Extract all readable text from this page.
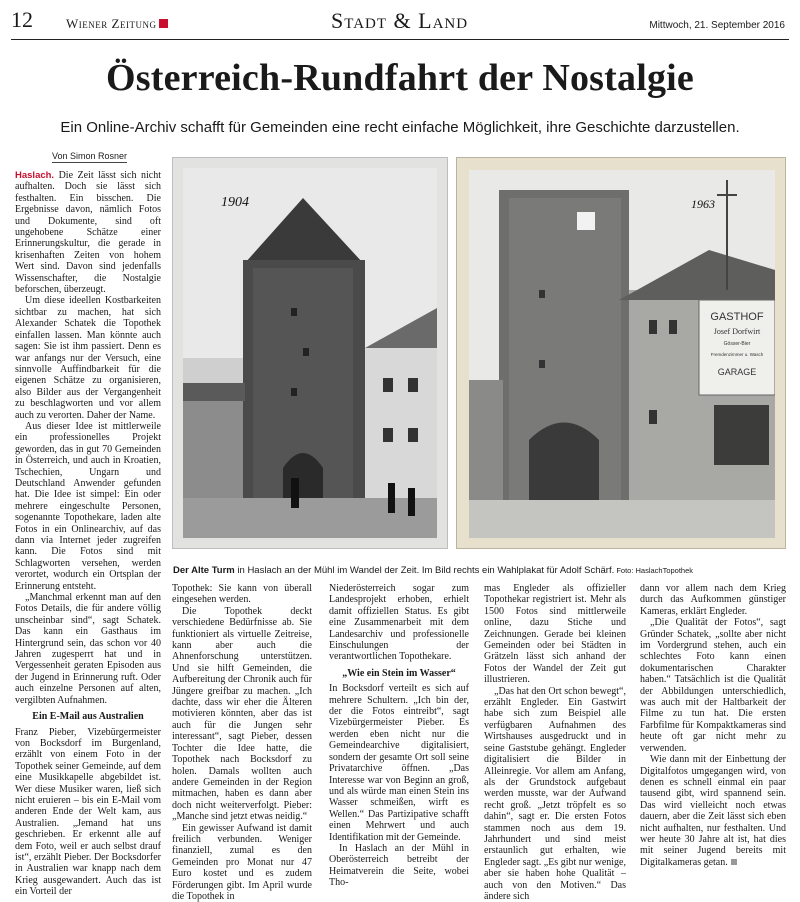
12	Wiener Zeitung	Stadt & Land	Mittwoch, 21. September 2016
Österreich-Rundfahrt der Nostalgie
Ein Online-Archiv schafft für Gemeinden eine recht einfache Möglichkeit, ihre Geschichte darzustellen.
Von Simon Rosner

Haslach. Die Zeit lässt sich nicht aufhalten. Doch sie lässt sich festhalten. Ein bisschen. Die Ergebnisse davon, nämlich Fotos und Dokumente, sind oft ungehobene Schätze einer Erinnerungskultur, die gerade in krisenhaften Zeiten von hohem Wert sind. Davon sind jedenfalls Wissenschafter, die Nostalgie beforschen, überzeugt.

Um diese ideellen Kostbarkeiten sichtbar zu machen, hat sich Alexander Schatek die Topothek einfallen lassen. Man könnte auch sagen: Sie ist ihm passiert. Denn es war anfangs nur der Versuch, eine sinnvolle Auffindbarkeit für die eigenen Schätze zu organisieren, also Bilder aus der Vergangenheit zu beschlagworten und vor allem auch zu verorten. Daher der Name.

Aus dieser Idee ist mittlerweile ein professionelles Projekt geworden, das in gut 70 Gemeinden in Österreich, und auch in Kroatien, Tschechien, Ungarn und Deutschland Anwender gefunden hat. Die Idee ist simpel: Ein oder mehrere eingeschulte Personen, sogenannte Topothekare, laden alte Fotos in ein Onlinearchiv, auf das dann via Internet jeder zugreifen kann. Die Fotos sind mit Schlagworten versehen, werden verortet, wodurch ein Ortsplan der Erinnerung entsteht.

„Manchmal erkennt man auf den Fotos Details, die für andere völlig unscheinbar sind“, sagt Schatek. Das kann ein Gasthaus im Hintergrund sein, das schon vor 40 Jahren zugesperrt hat und in Vergessenheit geraten Episoden aus der Jugend in Erinnerung ruft. Oder auch einzelne Personen auf alten, vergilbten Aufnahmen.

Ein E-Mail aus Australien

Franz Pieber, Vizebürgermeister von Bocksdorf im Burgenland, erzählt von einem Foto in der Topothek seiner Gemeinde, auf dem eine Musikkapelle abgebildet ist. Wer diese Musiker waren, ließ sich nicht eruieren – bis ein E-Mail vom anderen Ende der Welt kam, aus Australien. „Jemand hat uns geschrieben. Er erkennt alle auf dem Foto, weil er auch selbst drauf ist“, erzählt Pieber. Der Bocksdorfer in Australien war knapp nach dem Krieg ausgewandert. Auch das ist ein Vorteil der

1904
GASTHOF
Josef Dorfwirt
Gösser-Bier
Fremdenzimmer u. Wasch
GARAGE
1963
Der Alte Turm in Haslach an der Mühl im Wandel der Zeit. Im Bild rechts ein Wahlplakat für Adolf Schärf. Foto: HaslachTopothek

Topothek: Sie kann von überall eingesehen werden.

Die Topothek deckt verschiedene Bedürfnisse ab. Sie funktioniert als virtuelle Zeitreise, kann aber auch die Ahnenforschung unterstützen. Und sie hilft Gemeinden, die Aufbereitung der Chronik auch für Jüngere greifbar zu machen. „Ich dachte, dass wir eher die Älteren motivieren könnten, aber das ist auch für die Jungen sehr interessant“, sagt Pieber, dessen Tochter die Idee hatte, die Topothek nach Bocksdorf zu holen. Damals wollten auch andere Gemeinden in der Region mitmachen, haben es dann aber doch nicht weiterverfolgt. Pieber: „Manche sind jetzt etwas neidig.“

Ein gewisser Aufwand ist damit freilich verbunden. Weniger finanziell, zumal es den Gemeinden pro Monat nur 47 Euro kostet und es zudem Förderungen gibt. Im April wurde die Topothek in

Niederösterreich sogar zum Landesprojekt erhoben, erhielt damit offiziellen Status. Es gibt eine Zusammenarbeit mit dem Landesarchiv und professionelle Einschulungen der verantwortlichen Topothekare.

„Wie ein Stein im Wasser“

In Bocksdorf verteilt es sich auf mehrere Schultern. „Ich bin der, der die Fotos eintreibt“, sagt Vizebürgermeister Pieber. Es werden eben nicht nur die Gemeindearchive digitalisiert, sondern der gesamte Ort soll seine Privatarchive öffnen. „Das Interesse war von Beginn an groß, und als würde man einen Stein ins Wasser schmeißen, wirft es Wellen.“ Das Partizipative schafft einen Mehrwert und auch Identifikation mit der Gemeinde.

In Haslach an der Mühl in Oberösterreich betreibt der Heimatverein die Seite, wobei Tho-

mas Engleder als offizieller Topothekar registriert ist. Mehr als 1500 Fotos sind mittlerweile online, dazu Stiche und Zeichnungen. Gerade bei kleinen Gemeinden oder bei Städten in Grätzeln lässt sich anhand der Fotos der Wandel der Zeit gut illustrieren.

„Das hat den Ort schon bewegt“, erzählt Engleder. Ein Gastwirt habe sich zum Beispiel alle verfügbaren Aufnahmen des Wirtshauses ausgedruckt und in seine Gaststube gehängt. Engleder digitalisiert die Bilder in Alleinregie. Vor allem am Anfang, als der Grundstock aufgebaut werden musste, war der Aufwand recht groß. „Jetzt tröpfelt es so dahin“, sagt er. Die ersten Fotos stammen noch aus dem 19. Jahrhundert und sind meist erstaunlich gut erhalten, wie Engleder sagt. „Es gibt nur wenige, aber sie haben hohe Qualität – auch von den Motiven.“ Das ändere sich

dann vor allem nach dem Krieg durch das Aufkommen günstiger Kameras, erklärt Engleder.

„Die Qualität der Fotos“, sagt Gründer Schatek, „sollte aber nicht im Vordergrund stehen, auch ein schlechtes Foto kann einen dokumentarischen Charakter haben.“ Tatsächlich ist die Qualität der Abbildungen unterschiedlich, was auch mit der Haltbarkeit der Filme zu tun hat. Die ersten Farbfilme für Kompaktkameras sind heute oft gar nicht mehr zu verwenden.

Wie dann mit der Einbettung der Digitalfotos umgegangen wird, von denen es schnell einmal ein paar tausend gibt, wird spannend sein. Das wird vielleicht noch etwas dauern, aber die Zeit lässt sich eben nicht aufhalten, nur festhalten. Und wer heute 30 Jahre alt ist, hat dies mit seiner Jugend bereits mit Digitalkameras getan.
